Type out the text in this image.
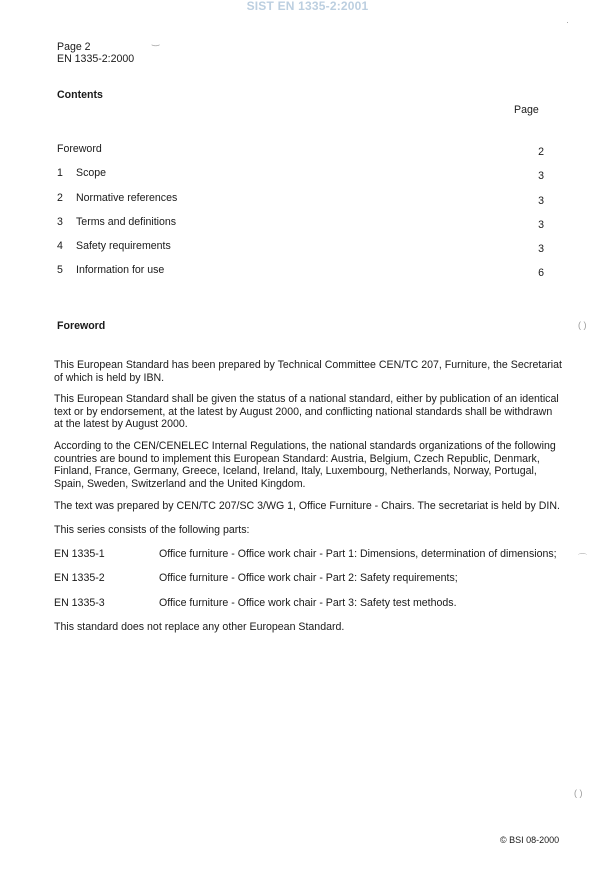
SIST EN 1335-2:2001
Page 2
EN 1335-2:2000
Contents
Page
Foreword	2
1 Scope	3
2 Normative references	3
3 Terms and definitions	3
4 Safety requirements	3
5 Information for use	6
Foreword
This European Standard has been prepared by Technical Committee CEN/TC 207, Furniture, the Secretariat
of which is held by IBN.
This European Standard shall be given the status of a national standard, either by publication of an identical
text or by endorsement, at the latest by August 2000, and conflicting national standards shall be withdrawn
at the latest by August 2000.
According to the CEN/CENELEC Internal Regulations, the national standards organizations of the following
countries are bound to implement this European Standard: Austria, Belgium, Czech Republic, Denmark,
Finland, France, Germany, Greece, Iceland, Ireland, Italy, Luxembourg, Netherlands, Norway, Portugal,
Spain, Sweden, Switzerland and the United Kingdom.
The text was prepared by CEN/TC 207/SC 3/WG 1, Office Furniture - Chairs. The secretariat is held by DIN.
This series consists of the following parts:
EN 1335-1	Office furniture - Office work chair - Part 1: Dimensions, determination of dimensions;
EN 1335-2	Office furniture - Office work chair - Part 2: Safety requirements;
EN 1335-3	Office furniture - Office work chair - Part 3: Safety test methods.
This standard does not replace any other European Standard.
© BSI 08-2000
‿
·
( )
⌒
( )
